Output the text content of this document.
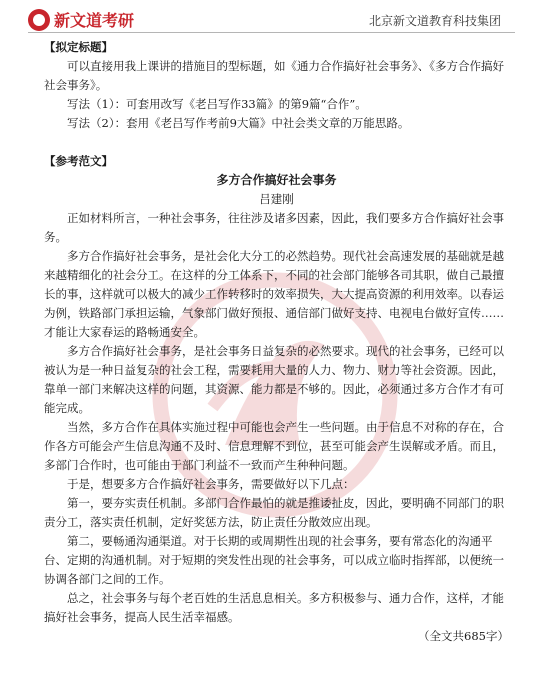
新文道考研	北京新文道教育科技集团

【拟定标题】

可以直接用我上课讲的措施目的型标题，如《通力合作搞好社会事务》、《多方合作搞好社会事务》。

写法（1）：可套用改写《老吕写作33篇》的第9篇“合作”。

写法（2）：套用《老吕写作考前9大篇》中社会类文章的万能思路。

【参考范文】

多方合作搞好社会事务

吕建刚

正如材料所言，一种社会事务，往往涉及诸多因素，因此，我们要多方合作搞好社会事务。

多方合作搞好社会事务，是社会化大分工的必然趋势。现代社会高速发展的基础就是越来越精细化的社会分工。在这样的分工体系下，不同的社会部门能够各司其职，做自己最擅长的事，这样就可以极大的减少工作转移时的效率损失，大大提高资源的利用效率。以春运为例，铁路部门承担运输，气象部门做好预报、通信部门做好支持、电视电台做好宣传……才能让大家春运的路畅通安全。

多方合作搞好社会事务，是社会事务日益复杂的必然要求。现代的社会事务，已经可以被认为是一种日益复杂的社会工程，需要耗用大量的人力、物力、财力等社会资源。因此，靠单一部门来解决这样的问题，其资源、能力都是不够的。因此，必须通过多方合作才有可能完成。

当然，多方合作在具体实施过程中可能也会产生一些问题。由于信息不对称的存在，合作各方可能会产生信息沟通不及时、信息理解不到位，甚至可能会产生误解或矛盾。而且，多部门合作时，也可能由于部门利益不一致而产生种种问题。

于是，想要多方合作搞好社会事务，需要做好以下几点：

第一，要夯实责任机制。多部门合作最怕的就是推诿扯皮，因此，要明确不同部门的职责分工，落实责任机制，定好奖惩方法，防止责任分散效应出现。

第二，要畅通沟通渠道。对于长期的或周期性出现的社会事务，要有常态化的沟通平台、定期的沟通机制。对于短期的突发性出现的社会事务，可以成立临时指挥部，以便统一协调各部门之间的工作。

总之，社会事务与每个老百姓的生活息息相关。多方积极参与、通力合作，这样，才能搞好社会事务，提高人民生活幸福感。

（全文共685字）
